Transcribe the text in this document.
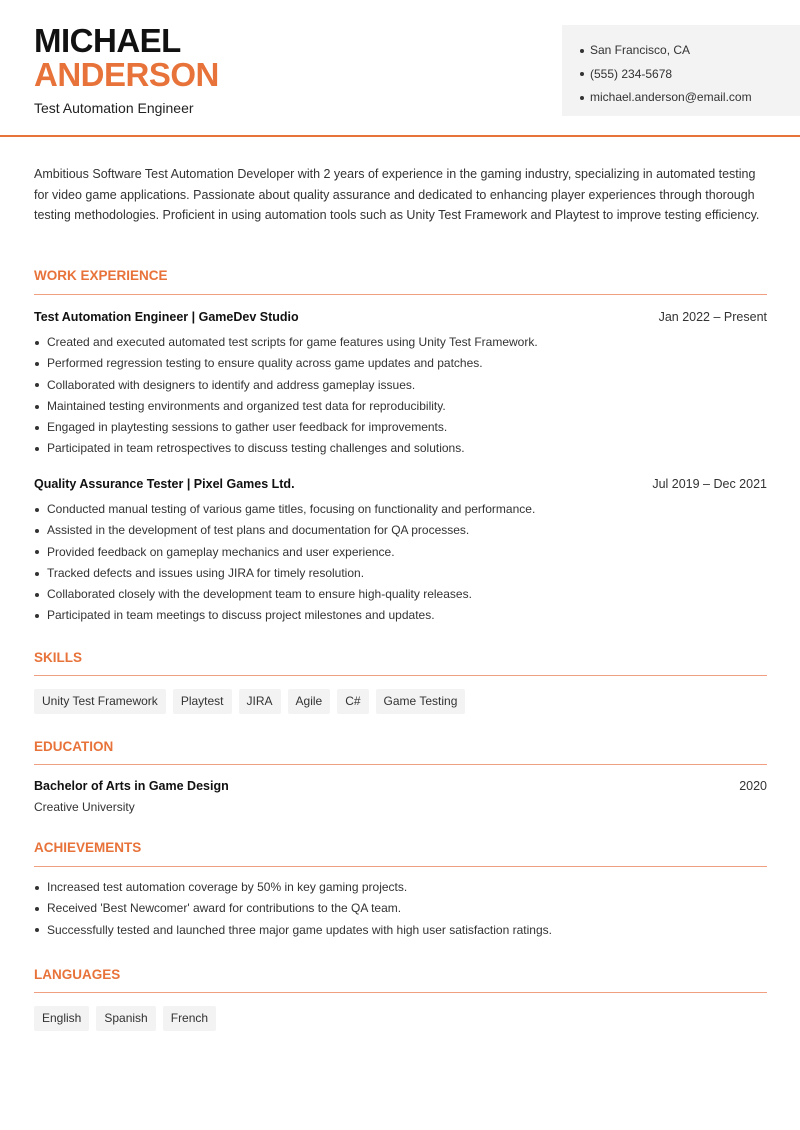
MICHAEL
ANDERSON
Test Automation Engineer
San Francisco, CA
(555) 234-5678
michael.anderson@email.com

Ambitious Software Test Automation Developer with 2 years of experience in the gaming industry, specializing in automated testing for video game applications. Passionate about quality assurance and dedicated to enhancing player experiences through thorough testing methodologies. Proficient in using automation tools such as Unity Test Framework and Playtest to improve testing efficiency.

WORK EXPERIENCE
Test Automation Engineer | GameDev Studio	Jan 2022 – Present
Created and executed automated test scripts for game features using Unity Test Framework.
Performed regression testing to ensure quality across game updates and patches.
Collaborated with designers to identify and address gameplay issues.
Maintained testing environments and organized test data for reproducibility.
Engaged in playtesting sessions to gather user feedback for improvements.
Participated in team retrospectives to discuss testing challenges and solutions.
Quality Assurance Tester | Pixel Games Ltd.	Jul 2019 – Dec 2021
Conducted manual testing of various game titles, focusing on functionality and performance.
Assisted in the development of test plans and documentation for QA processes.
Provided feedback on gameplay mechanics and user experience.
Tracked defects and issues using JIRA for timely resolution.
Collaborated closely with the development team to ensure high-quality releases.
Participated in team meetings to discuss project milestones and updates.
SKILLS
Unity Test Framework	Playtest	JIRA	Agile	C#	Game Testing
EDUCATION
Bachelor of Arts in Game Design	2020
Creative University
ACHIEVEMENTS
Increased test automation coverage by 50% in key gaming projects.
Received 'Best Newcomer' award for contributions to the QA team.
Successfully tested and launched three major game updates with high user satisfaction ratings.
LANGUAGES
English	Spanish	French
